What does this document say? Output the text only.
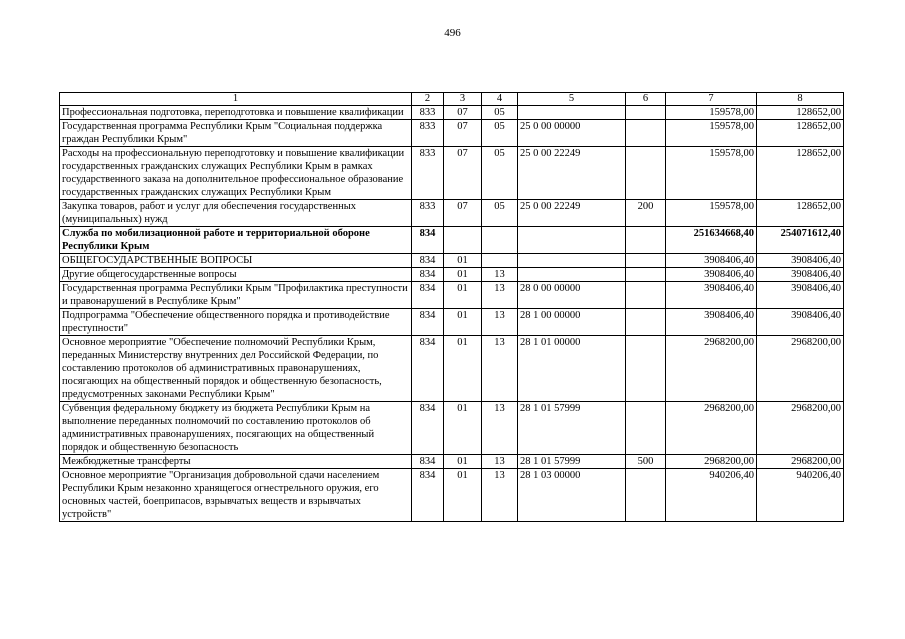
496
1	2	3	4	5	6	7	8
Профессиональная подготовка, переподготовка и повышение квалификации	833	07	05			159578,00	128652,00
Государственная программа Республики Крым "Социальная поддержка граждан Республики Крым"	833	07	05	25 0 00 00000		159578,00	128652,00
Расходы на профессиональную переподготовку и повышение квалификации государственных гражданских служащих Республики Крым в рамках государственного заказа на дополнительное профессиональное образование государственных гражданских служащих Республики Крым	833	07	05	25 0 00 22249		159578,00	128652,00
Закупка товаров, работ и услуг для обеспечения государственных (муниципальных) нужд	833	07	05	25 0 00 22249	200	159578,00	128652,00
Служба по мобилизационной работе и территориальной обороне Республики Крым	834					251634668,40	254071612,40
ОБЩЕГОСУДАРСТВЕННЫЕ ВОПРОСЫ	834	01				3908406,40	3908406,40
Другие общегосударственные вопросы	834	01	13			3908406,40	3908406,40
Государственная программа Республики Крым "Профилактика преступности и правонарушений в Республике Крым"	834	01	13	28 0 00 00000		3908406,40	3908406,40
Подпрограмма "Обеспечение общественного порядка и противодействие преступности"	834	01	13	28 1 00 00000		3908406,40	3908406,40
Основное мероприятие "Обеспечение полномочий Республики Крым, переданных Министерству внутренних дел Российской Федерации, по составлению протоколов об административных правонарушениях, посягающих на общественный порядок и общественную безопасность, предусмотренных законами Республики Крым"	834	01	13	28 1 01 00000		2968200,00	2968200,00
Субвенция федеральному бюджету из бюджета Республики Крым на выполнение переданных полномочий по составлению протоколов об административных правонарушениях, посягающих на общественный порядок и общественную безопасность	834	01	13	28 1 01 57999		2968200,00	2968200,00
Межбюджетные трансферты	834	01	13	28 1 01 57999	500	2968200,00	2968200,00
Основное мероприятие "Организация добровольной сдачи населением Республики Крым незаконно хранящегося огнестрельного оружия, его основных частей, боеприпасов, взрывчатых веществ и взрывчатых устройств"	834	01	13	28 1 03 00000		940206,40	940206,40
